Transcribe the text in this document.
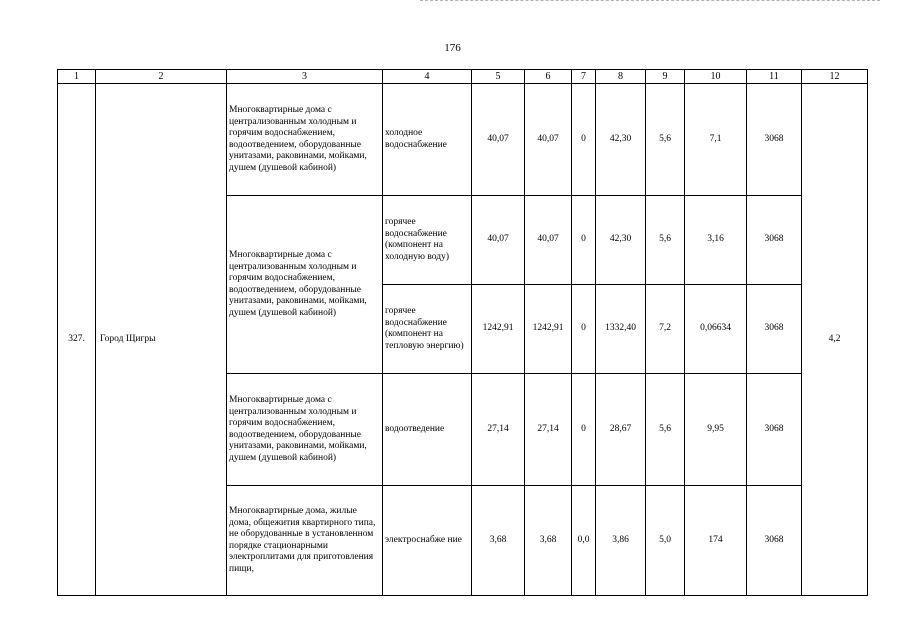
176
1	2	3	4	5	6	7	8	9	10	11	12
327.	Город Щигры	Многоквартирные дома с централизованным холодным и горячим водоснабжением, водоотведением, оборудованные унитазами, раковинами, мойками, душем (душевой кабиной)	холодное водоснабжение	40,07	40,07	0	42,30	5,6	7,1	3068	4,2
		Многоквартирные дома с централизованным холодным и горячим водоснабжением, водоотведением, оборудованные унитазами, раковинами, мойками, душем (душевой кабиной)	горячее водоснабжение (компонент на холодную воду)	40,07	40,07	0	42,30	5,6	3,16	3068	
			горячее водоснабжение (компонент на тепловую энергию)	1242,91	1242,91	0	1332,40	7,2	0,06634	3068	
		Многоквартирные дома с централизованным холодным и горячим водоснабжением, водоотведением, оборудованные унитазами, раковинами, мойками, душем (душевой кабиной)	водоотведение	27,14	27,14	0	28,67	5,6	9,95	3068	
		Многоквартирные дома, жилые дома, общежития квартирного типа, не оборудованные в установленном порядке стационарными электроплитами для приготовления пищи,	электроснабже ние	3,68	3,68	0,0	3,86	5,0	174	3068	
